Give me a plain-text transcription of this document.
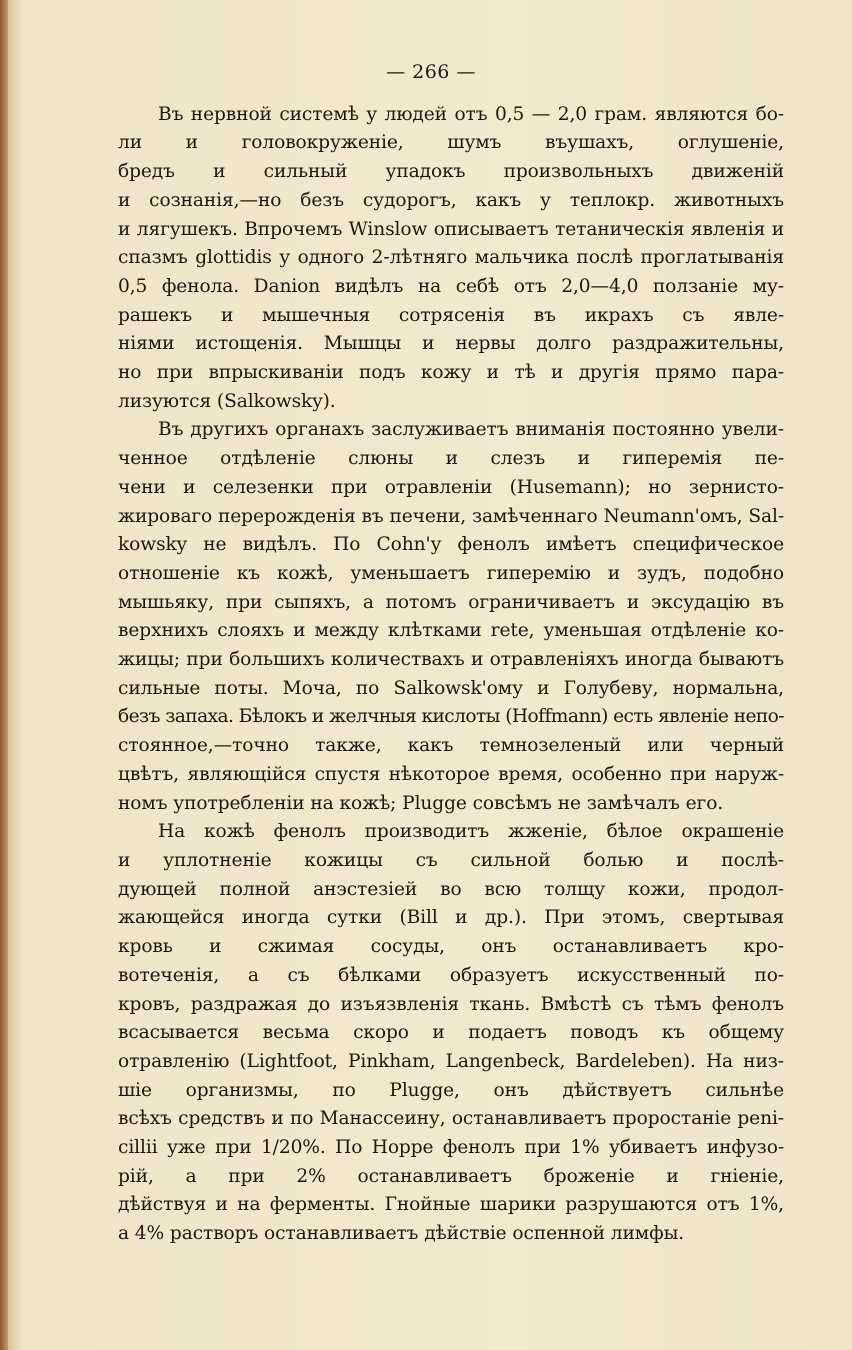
— 266 —
Въ нервной системѣ у людей отъ 0,5 — 2,0 грам. являются бо-
ли и головокруженiе, шумъ въушахъ, оглушенiе,
бредъ и сильный упадокъ произвольныхъ движенiй
и сознанiя,—но безъ судорогъ, какъ у теплокр. животныхъ
и лягушекъ. Впрочемъ Winslow описываетъ тетаническiя явленiя и
спазмъ glottidis у одного 2-лѣтняго мальчика послѣ проглатыванiя
0,5 фенола. Danion видѣлъ на себѣ отъ 2,0—4,0 ползанiе му-
рашекъ и мышечныя сотрясенiя въ икрахъ съ явле-
нiями истощенiя. Мышцы и нервы долго раздражительны,
но при впрыскиванiи подъ кожу и тѣ и другiя прямо пара-
лизуются (Salkowsky).
Въ другихъ органахъ заслуживаетъ вниманiя постоянно увели-
ченное отдѣленiе слюны и слезъ и гиперемiя пе-
чени и селезенки при отравленiи (Husemann); но зернисто-
жироваго перерожденiя въ печени, замѣченнаго Neumann'омъ, Sal-
kowsky не видѣлъ. По Cohn'у фенолъ имѣетъ специфическое
отношенiе къ кожѣ, уменьшаетъ гиперемiю и зудъ, подобно
мышьяку, при сыпяхъ, а потомъ ограничиваетъ и эксудацiю въ
верхнихъ слояхъ и между клѣтками rete, уменьшая отдѣленiе ко-
жицы; при большихъ количествахъ и отравленiяхъ иногда бываютъ
сильные поты. Моча, по Salkowsk'ому и Голубеву, нормальна,
безъ запаха. Бѣлокъ и желчныя кислоты (Hoffmann) есть явленiе непо-
стоянное,—точно также, какъ темнозеленый или черный
цвѣтъ, являющiйся спустя нѣкоторое время, особенно при наруж-
номъ употребленiи на кожѣ; Plugge совсѣмъ не замѣчалъ его.
На кожѣ фенолъ производитъ жженiе, бѣлое окрашенiе
и уплотненiе кожицы съ сильной болью и послѣ-
дующей полной анэстезiей во всю толщу кожи, продол-
жающейся иногда сутки (Bill и др.). При этомъ, свертывая
кровь и сжимая сосуды, онъ останавливаетъ кро-
вотеченiя, а съ бѣлками образуетъ искусственный по-
кровъ, раздражая до изъязвленiя ткань. Вмѣстѣ съ тѣмъ фенолъ
всасывается весьма скоро и подаетъ поводъ къ общему
отравленiю (Lightfoot, Pinkham, Langenbeck, Bardeleben). На низ-
шiе организмы, по Plugge, онъ дѣйствуетъ сильнѣе
всѣхъ средствъ и по Манассеину, останавливаетъ проростанiе peni-
cillii уже при 1/20%. По Hoppe фенолъ при 1% убиваетъ инфузо-
рiй, а при 2% останавливаетъ броженiе и гнiенiе,
дѣйствуя и на ферменты. Гнойные шарики разрушаются отъ 1%,
а 4% растворъ останавливаетъ дѣйствiе оспенной лимфы.
